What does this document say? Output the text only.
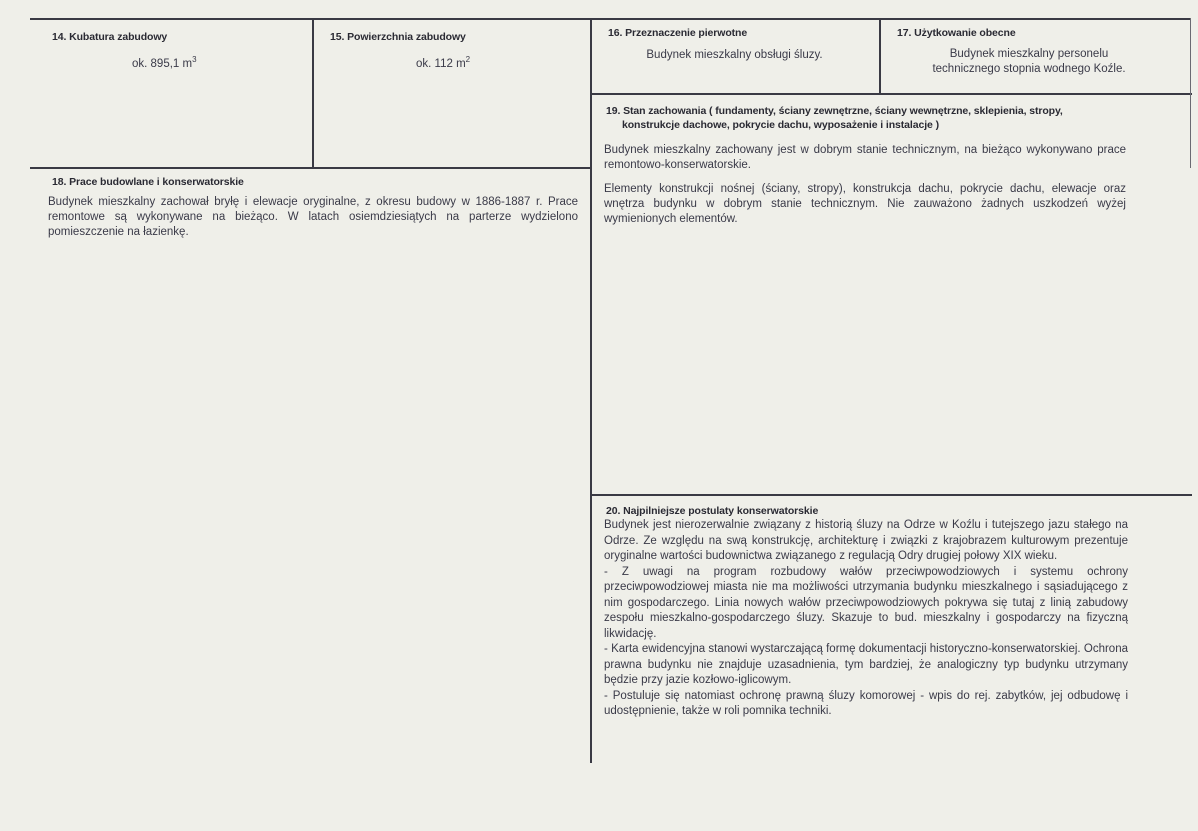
14. Kubatura zabudowy
ok. 895,1 $m^3$
15. Powierzchnia zabudowy
ok. 112 $m^2$
16. Przeznaczenie pierwotne
Budynek mieszkalny obsługi śluzy.
17. Użytkowanie obecne
Budynek mieszkalny personelu
technicznego stopnia wodnego Koźle.
18. Prace budowlane i konserwatorskie
Budynek mieszkalny zachował bryłę i elewacje oryginalne, z okresu budowy w 1886-1887 r. Prace remontowe są wykonywane na bieżąco. W latach osiemdziesiątych na parterze wydzielono pomieszczenie na łazienkę.
19. Stan zachowania ( fundamenty, ściany zewnętrzne, ściany wewnętrzne, sklepienia, stropy,
konstrukcje dachowe, pokrycie dachu, wyposażenie i instalacje )

Budynek mieszkalny zachowany jest w dobrym stanie technicznym, na bieżąco wykonywano prace remontowo-konserwatorskie.

Elementy konstrukcji nośnej (ściany, stropy), konstrukcja dachu, pokrycie dachu, elewacje oraz wnętrza budynku w dobrym stanie technicznym. Nie zauważono żadnych uszkodzeń wyżej wymienionych elementów.

20. Najpilniejsze postulaty konserwatorskie

Budynek jest nierozerwalnie związany z historią śluzy na Odrze w Koźlu i tutejszego jazu stałego na Odrze. Ze względu na swą konstrukcję, architekturę i związki z krajobrazem kulturowym prezentuje oryginalne wartości budownictwa związanego z regulacją Odry drugiej połowy XIX wieku.

- Z uwagi na program rozbudowy wałów przeciwpowodziowych i systemu ochrony przeciwpowodziowej miasta nie ma możliwości utrzymania budynku mieszkalnego i sąsiadującego z nim gospodarczego. Linia nowych wałów przeciwpowodziowych pokrywa się tutaj z linią zabudowy zespołu mieszkalno-gospodarczego śluzy. Skazuje to bud. mieszkalny i gospodarczy na fizyczną likwidację.

- Karta ewidencyjna stanowi wystarczającą formę dokumentacji historyczno-konserwatorskiej. Ochrona prawna budynku nie znajduje uzasadnienia, tym bardziej, że analogiczny typ budynku utrzymany będzie przy jazie kozłowo-iglicowym.

- Postuluje się natomiast ochronę prawną śluzy komorowej - wpis do rej. zabytków, jej odbudowę i udostępnienie, także w roli pomnika techniki.
